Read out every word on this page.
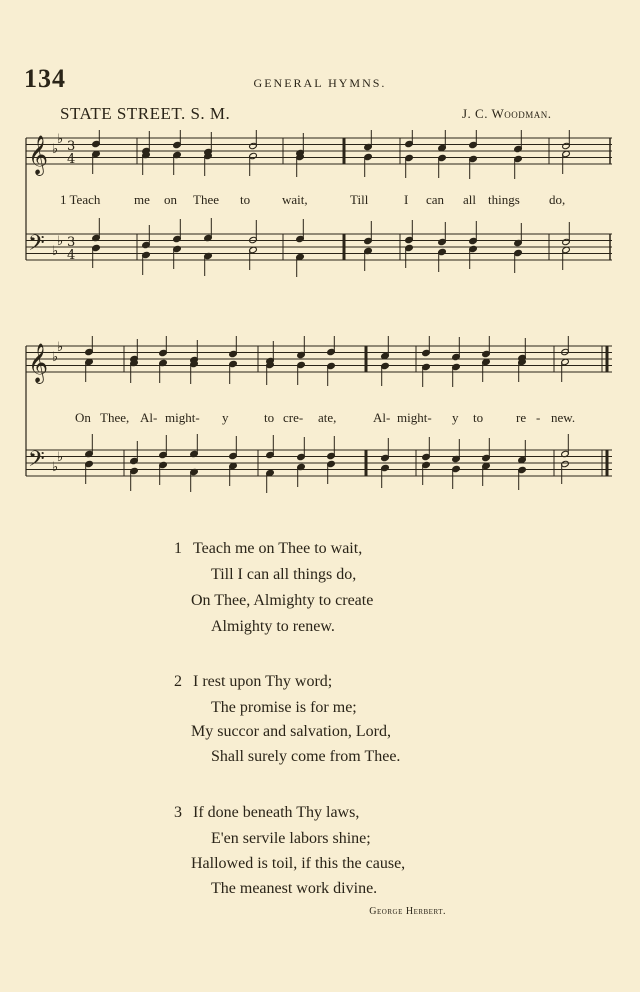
134	GENERAL HYMNS.
STATE STREET. S. M.	J. C. Woodman.
𝄞
𝄢
♭
♭
♭
♭
3
4
3
4
1 Teach	me on Thee to wait,	Till	I can all things do,
𝄞
𝄢
♭
♭
♭
♭
On Thee, Al- might- y	to cre- ate,	Al- might- y to	re - new.
1 Teach me on Thee to wait,
Till I can all things do,
On Thee, Almighty to create
Almighty to renew.
2 I rest upon Thy word;
The promise is for me;
My succor and salvation, Lord,
Shall surely come from Thee.
3 If done beneath Thy laws,
E'en servile labors shine;
Hallowed is toil, if this the cause,
The meanest work divine.
George Herbert.
